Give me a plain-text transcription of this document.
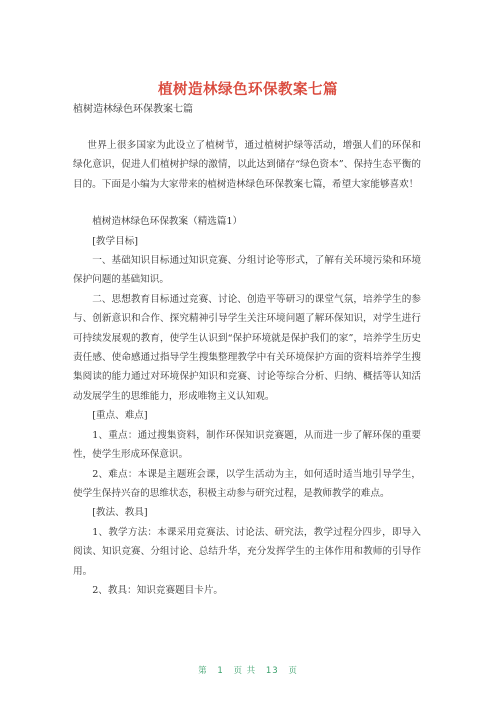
植树造林绿色环保教案七篇
植树造林绿色环保教案七篇

世界上很多国家为此设立了植树节，通过植树护绿等活动，增强人们的环保和绿化意识，促进人们植树护绿的激情，以此达到储存“绿色资本”、保持生态平衡的目的。下面是小编为大家带来的植树造林绿色环保教案七篇，希望大家能够喜欢！

植树造林绿色环保教案（精选篇1）

[教学目标]

一、基础知识目标通过知识竞赛、分组讨论等形式，了解有关环境污染和环境保护问题的基础知识。

二、思想教育目标通过竞赛、讨论、创造平等研习的课堂气氛，培养学生的参与、创新意识和合作、探究精神引导学生关注环境问题了解环保知识，对学生进行可持续发展观的教育，使学生认识到“保护环境就是保护我们的家”，培养学生历史责任感、使命感通过指导学生搜集整理教学中有关环境保护方面的资料培养学生搜集阅读的能力通过对环境保护知识和竞赛、讨论等综合分析、归纳、概括等认知活动发展学生的思维能力，形成唯物主义认知观。

[重点、难点]

1、重点：通过搜集资料，制作环保知识竞赛题，从而进一步了解环保的重要性，使学生形成环保意识。

2、难点：本课是主题班会课，以学生活动为主，如何适时适当地引导学生，使学生保持兴奋的思维状态，积极主动参与研究过程，是教师教学的难点。

[教法、教具]

1、教学方法：本课采用竞赛法、讨论法、研究法，教学过程分四步，即导入阅读、知识竞赛、分组讨论、总结升华，充分发挥学生的主体作用和教师的引导作用。

2、教具：知识竞赛题目卡片。

第 1 页 共 13 页
